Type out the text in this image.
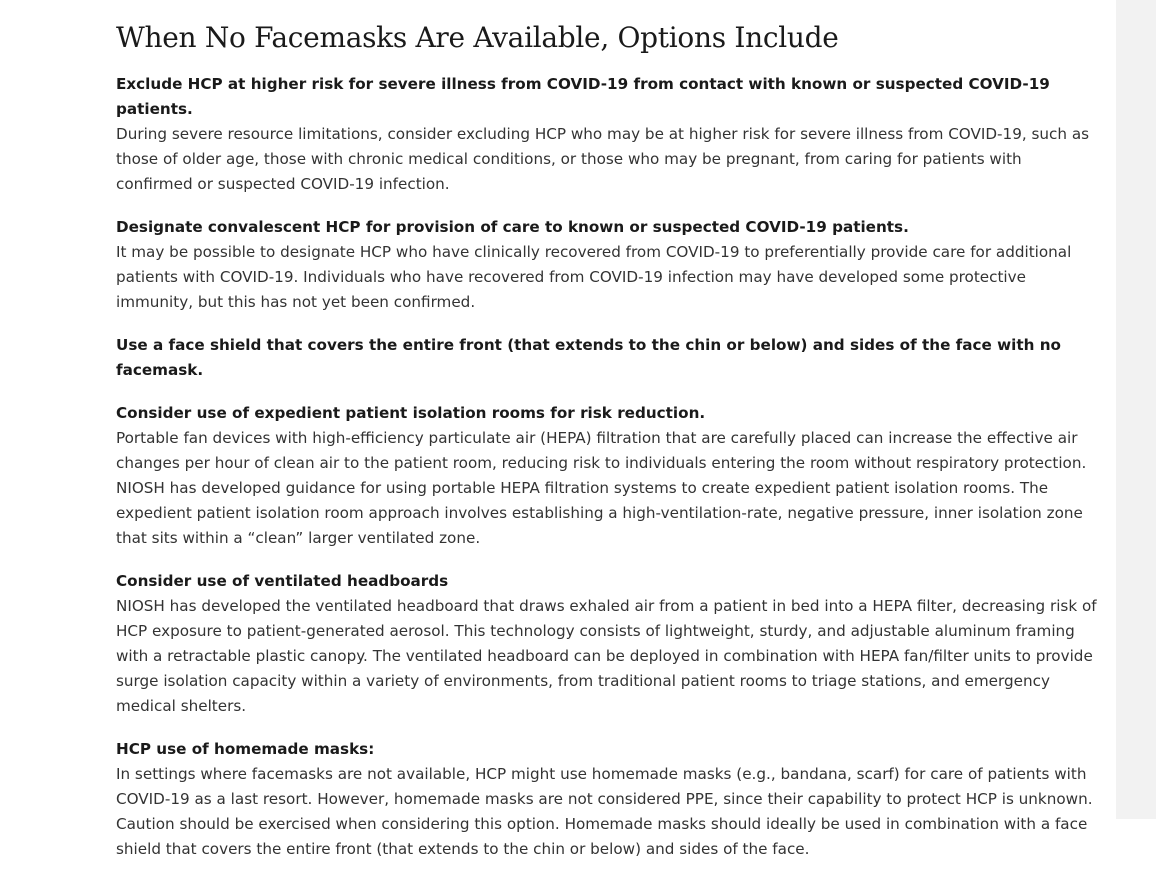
When No Facemasks Are Available, Options Include

Exclude HCP at higher risk for severe illness from COVID-19 from contact with known or suspected COVID-19 patients.

During severe resource limitations, consider excluding HCP who may be at higher risk for severe illness from COVID-19, such as those of older age, those with chronic medical conditions, or those who may be pregnant, from caring for patients with confirmed or suspected COVID-19 infection.

Designate convalescent HCP for provision of care to known or suspected COVID-19 patients.

It may be possible to designate HCP who have clinically recovered from COVID-19 to preferentially provide care for additional patients with COVID-19. Individuals who have recovered from COVID-19 infection may have developed some protective immunity, but this has not yet been confirmed.

Use a face shield that covers the entire front (that extends to the chin or below) and sides of the face with no facemask.

Consider use of expedient patient isolation rooms for risk reduction.

Portable fan devices with high-efficiency particulate air (HEPA) filtration that are carefully placed can increase the effective air changes per hour of clean air to the patient room, reducing risk to individuals entering the room without respiratory protection. NIOSH has developed guidance for using portable HEPA filtration systems to create expedient patient isolation rooms. The expedient patient isolation room approach involves establishing a high-ventilation-rate, negative pressure, inner isolation zone that sits within a “clean” larger ventilated zone.

Consider use of ventilated headboards

NIOSH has developed the ventilated headboard that draws exhaled air from a patient in bed into a HEPA filter, decreasing risk of HCP exposure to patient-generated aerosol. This technology consists of lightweight, sturdy, and adjustable aluminum framing with a retractable plastic canopy. The ventilated headboard can be deployed in combination with HEPA fan/filter units to provide surge isolation capacity within a variety of environments, from traditional patient rooms to triage stations, and emergency medical shelters.

HCP use of homemade masks:

In settings where facemasks are not available, HCP might use homemade masks (e.g., bandana, scarf) for care of patients with COVID-19 as a last resort. However, homemade masks are not considered PPE, since their capability to protect HCP is unknown. Caution should be exercised when considering this option. Homemade masks should ideally be used in combination with a face shield that covers the entire front (that extends to the chin or below) and sides of the face.
